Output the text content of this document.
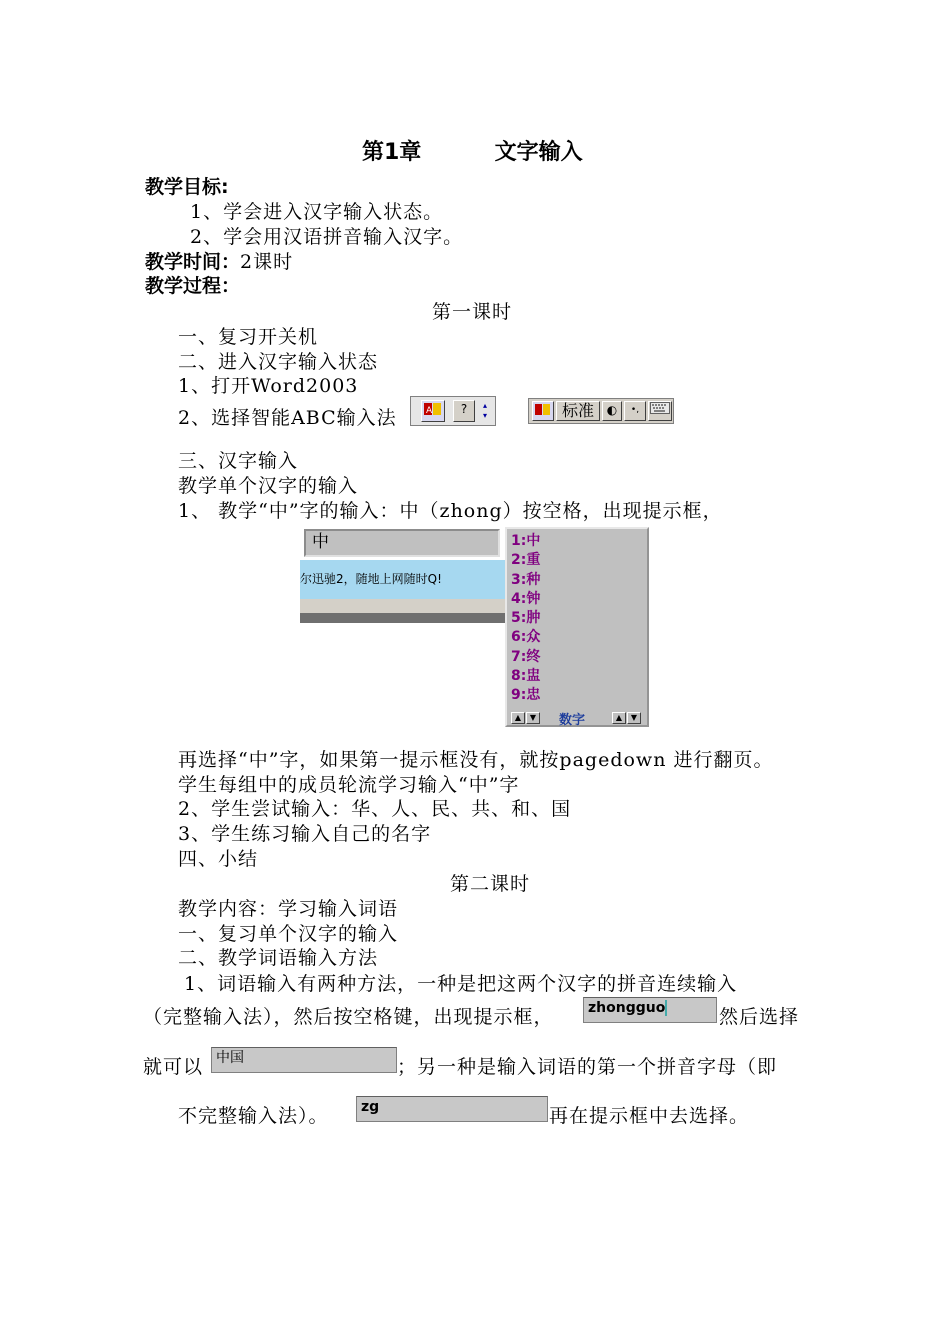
第1章	文字输入
教学目标:
1、学会进入汉字输入状态。
2、学会用汉语拼音输入汉字。
教学时间：2课时
教学过程：
第一课时
一、复习开关机
二、进入汉字输入状态
1、打开Word2003
2、选择智能ABC输入法	A	?	▴
▾	标准	◐	•,
三、汉字输入
教学单个汉字的输入
1、 教学“中”字的输入：中（zhong）按空格，出现提示框，
中
尔迅驰2，随地上网随时Q!
1:中
2:重
3:种
4:钟
5:肿
6:众
7:终
8:盅
9:忠
▲	▼	数字	▲	▼
再选择“中”字，如果第一提示框没有，就按pagedown 进行翻页。
学生每组中的成员轮流学习输入“中”字
2、学生尝试输入：华、人、民、共、和、国
3、学生练习输入自己的名字
四、小结
第二课时
教学内容：学习输入词语
一、复习单个汉字的输入
二、教学词语输入方法
1、词语输入有两种方法，一种是把这两个汉字的拼音连续输入
（完整输入法），然后按空格键，出现提示框，	zhongguo	然后选择
就可以 中国	；另一种是输入词语的第一个拼音字母（即
不完整输入法）。	zg	再在提示框中去选择。
